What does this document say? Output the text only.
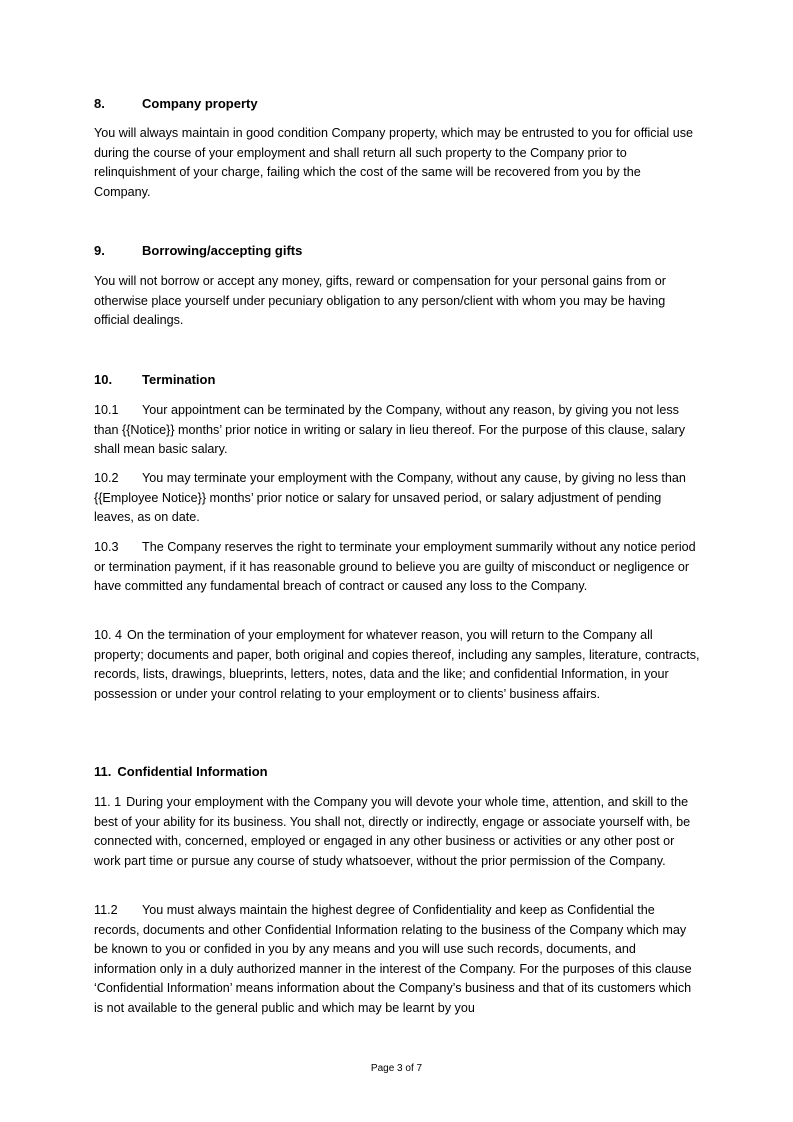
8.	Company property
You will always maintain in good condition Company property, which may be entrusted to you for official use during the course of your employment and shall return all such property to the Company prior to relinquishment of your charge, failing which the cost of the same will be recovered from you by the Company.
9.	Borrowing/accepting gifts
You will not borrow or accept any money, gifts, reward or compensation for your personal gains from or otherwise place yourself under pecuniary obligation to any person/client with whom you may be having official dealings.
10. Termination
10.1 Your appointment can be terminated by the Company, without any reason, by giving you not less than {{Notice}} months’ prior notice in writing or salary in lieu thereof. For the purpose of this clause, salary shall mean basic salary.
10.2 You may terminate your employment with the Company, without any cause, by giving no less than {{Employee Notice}} months’ prior notice or salary for unsaved period, or salary adjustment of pending leaves, as on date.
10.3 The Company reserves the right to terminate your employment summarily without any notice period or termination payment, if it has reasonable ground to believe you are guilty of misconduct or negligence or have committed any fundamental breach of contract or caused any loss to the Company.
10. 4 On the termination of your employment for whatever reason, you will return to the Company all property; documents and paper, both original and copies thereof, including any samples, literature, contracts, records, lists, drawings, blueprints, letters, notes, data and the like; and confidential Information, in your possession or under your control relating to your employment or to clients’ business affairs.
11. Confidential Information
11. 1 During your employment with the Company you will devote your whole time, attention, and skill to the best of your ability for its business. You shall not, directly or indirectly, engage or associate yourself with, be connected with, concerned, employed or engaged in any other business or activities or any other post or work part time or pursue any course of study whatsoever, without the prior permission of the Company.
11.2 You must always maintain the highest degree of Confidentiality and keep as Confidential the records, documents and other Confidential Information relating to the business of the Company which may be known to you or confided in you by any means and you will use such records, documents, and information only in a duly authorized manner in the interest of the Company. For the purposes of this clause ‘Confidential Information’ means information about the Company’s business and that of its customers which is not available to the general public and which may be learnt by you
Page 3 of 7
